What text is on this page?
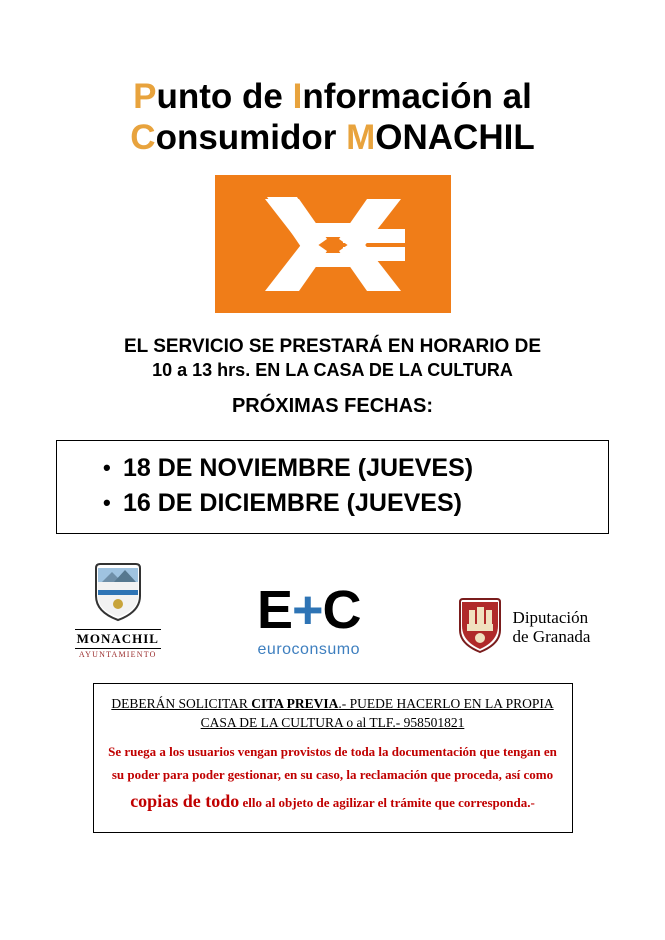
Punto de Información al
Consumidor MONACHIL
EL SERVICIO SE PRESTARÁ EN HORARIO DE
10 a 13 hrs. EN LA CASA DE LA CULTURA
PRÓXIMAS FECHAS:
• 18 DE NOVIEMBRE (JUEVES)
• 16 DE DICIEMBRE (JUEVES)
MONACHIL
AYUNTAMIENTO
E+C
euroconsumo
Diputación
de Granada
DEBERÁN SOLICITAR CITA PREVIA.- PUEDE HACERLO EN LA PROPIA CASA DE LA CULTURA o al TLF.- 958501821
Se ruega a los usuarios vengan provistos de toda la documentación que tengan en su poder para poder gestionar, en su caso, la reclamación que proceda, así como copias de todo ello al objeto de agilizar el trámite que corresponda.-
